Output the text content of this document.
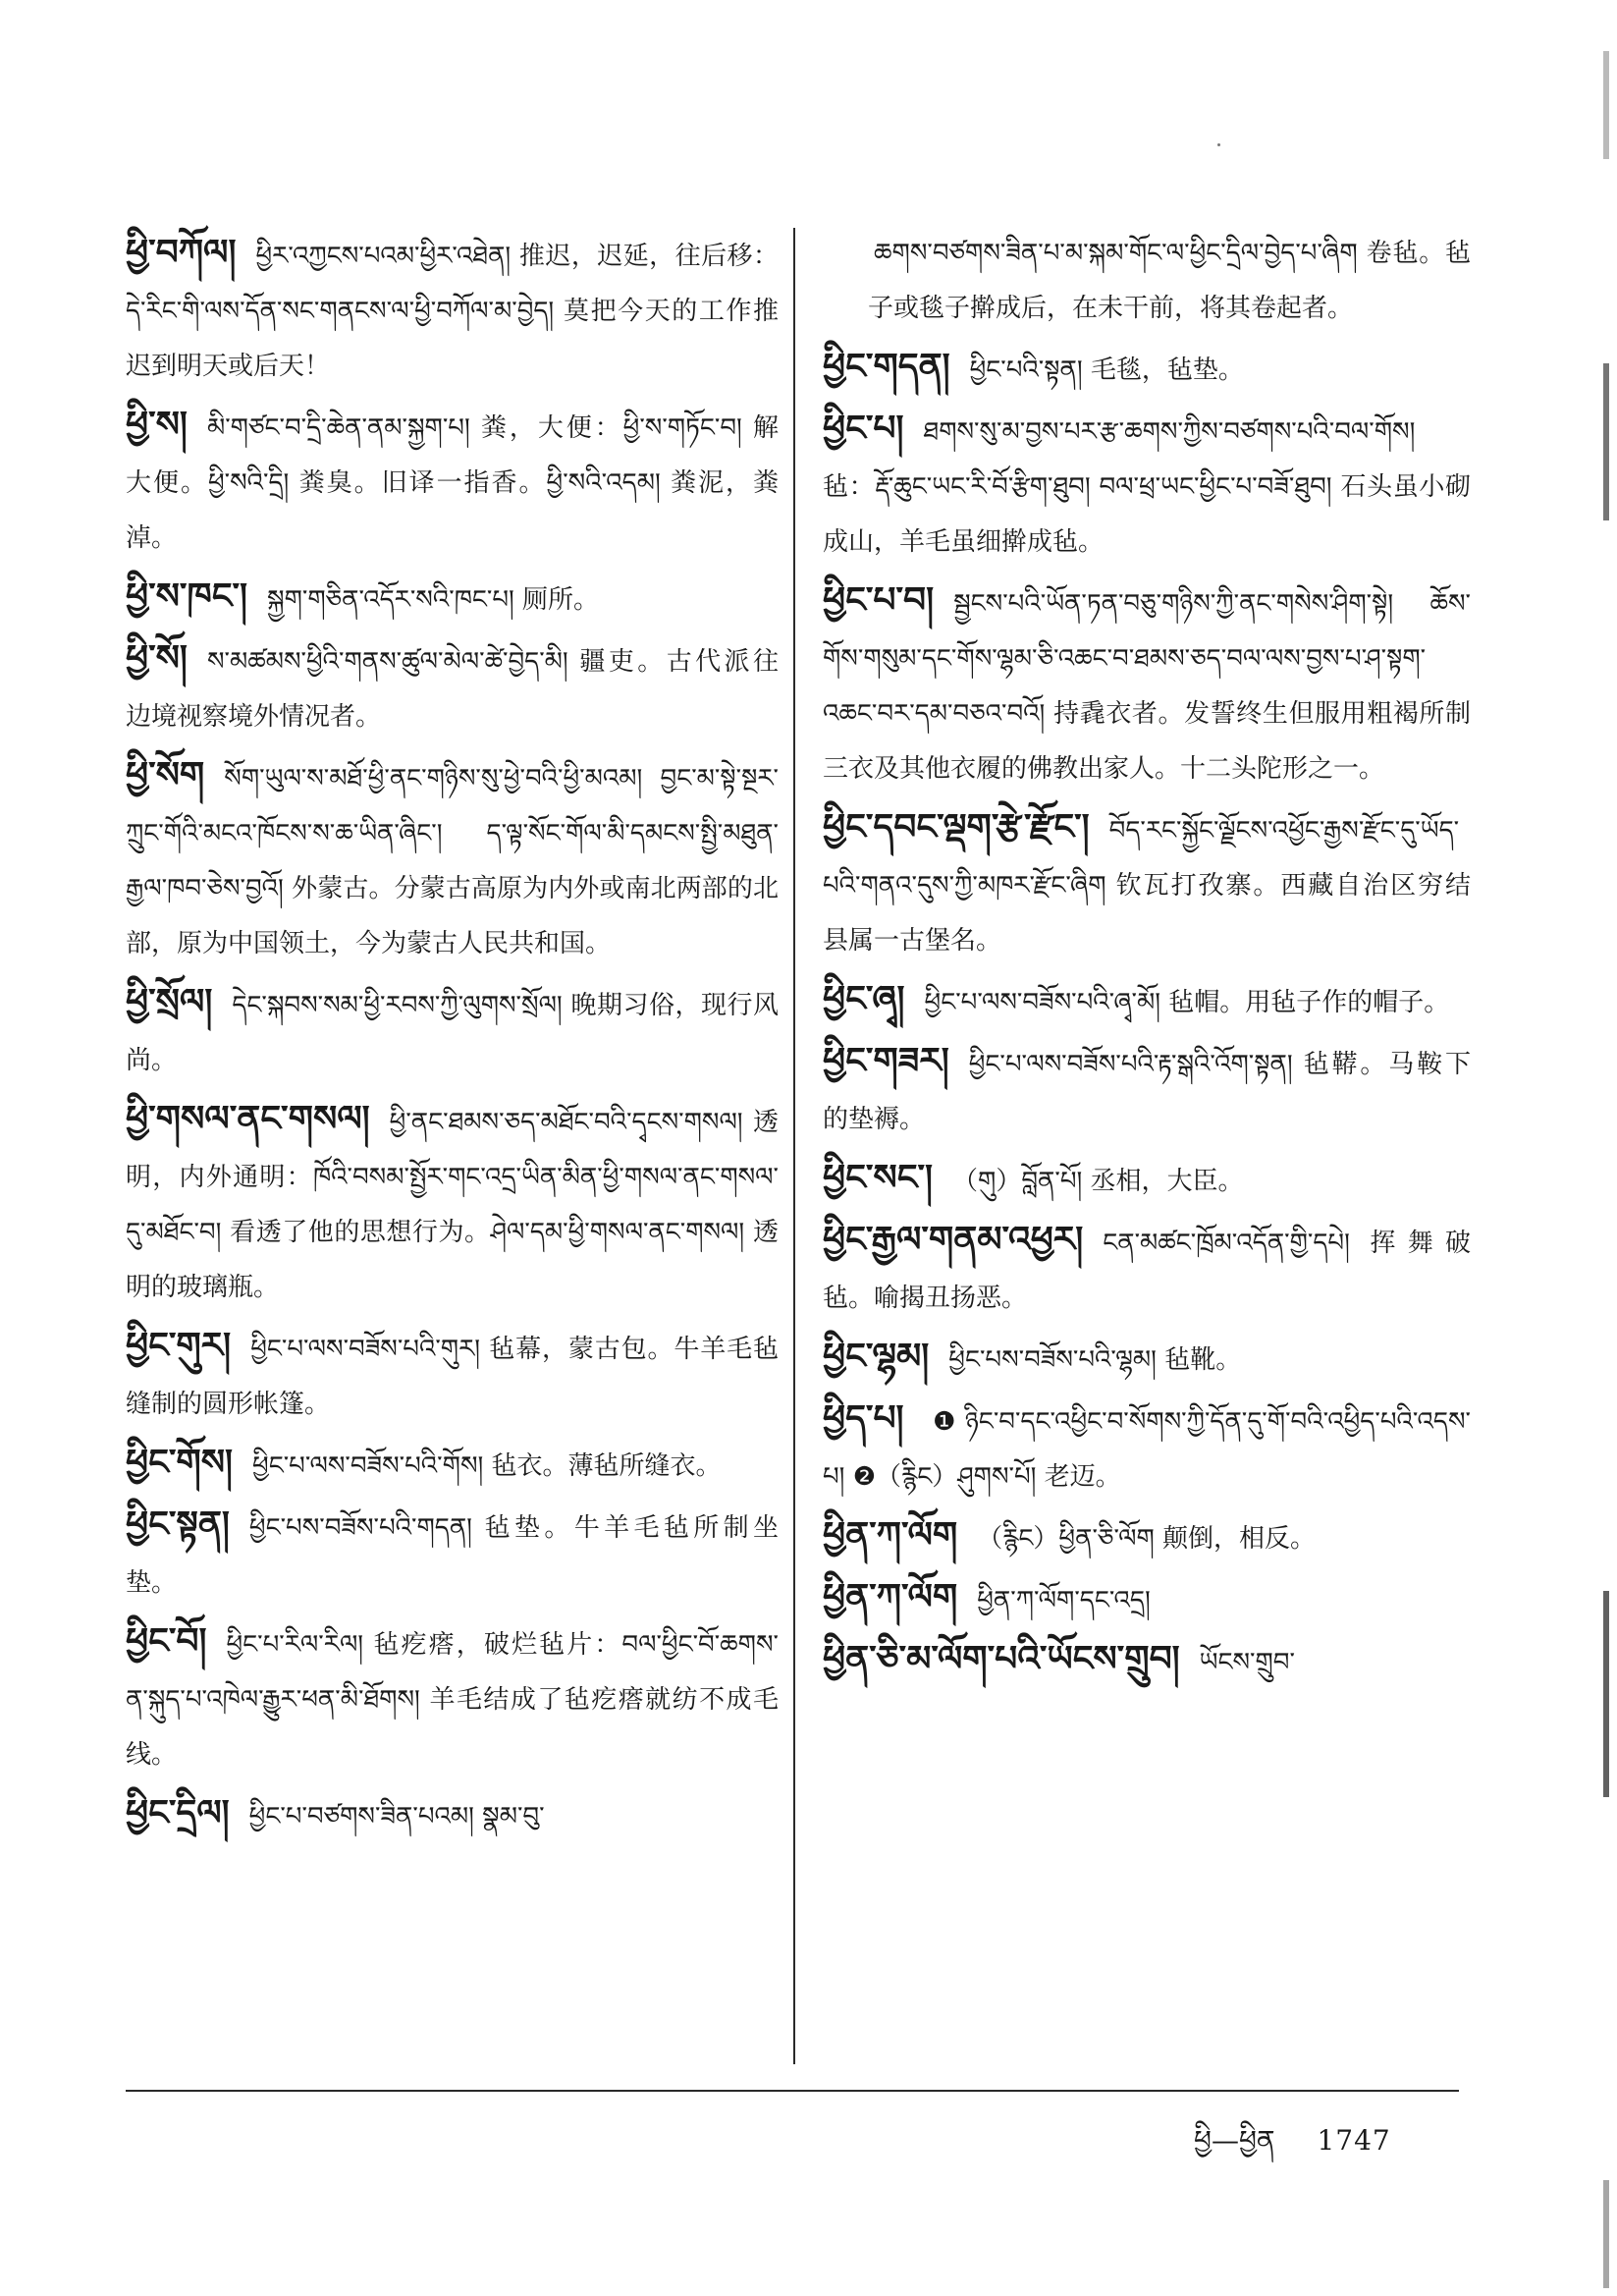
ཕྱི་བཀོལ། ཕྱིར་འཀྱངས་པའམ་ཕྱིར་འཐེན། 推迟，迟延，往后移：དེ་རིང་གི་ལས་དོན་སང་གནངས་ལ་ཕྱི་བཀོལ་མ་བྱེད། 莫把今天的工作推迟到明天或后天！

ཕྱི་ས། མི་གཙང་བ་དྲི་ཆེན་ནམ་སྐྱག་པ། 粪，大便：ཕྱི་ས་གཏོང་བ། 解大便。ཕྱི་སའི་དྲི། 粪臭。旧译一指香。ཕྱི་སའི་འདམ། 粪泥，粪淖。

ཕྱི་ས་ཁང་། སྐྱག་གཅིན་འདོར་སའི་ཁང་པ། 厕所。

ཕྱི་སོ། ས་མཚམས་ཕྱིའི་གནས་ཚུལ་མེལ་ཚེ་བྱེད་མི། 疆吏。古代派往边境视察境外情况者。

ཕྱི་སོག སོག་ཡུལ་ས་མཐོ་ཕྱི་ནང་གཉིས་སུ་ཕྱེ་བའི་ཕྱི་མའམ། བྱང་མ་སྟེ་སྔར་ཀྲུང་གོའི་མངའ་ཁོངས་ས་ཆ་ཡིན་ཞིང་། ད་ལྟ་སོང་གོལ་མི་དམངས་སྤྱི་མཐུན་རྒྱལ་ཁབ་ཅེས་བྱའོ། 外蒙古。分蒙古高原为内外或南北两部的北部，原为中国领土，今为蒙古人民共和国。

ཕྱི་སྲོལ། དེང་སྐབས་སམ་ཕྱི་རབས་ཀྱི་ལུགས་སྲོལ། 晚期习俗，现行风尚。

ཕྱི་གསལ་ནང་གསལ། ཕྱི་ནང་ཐམས་ཅད་མཐོང་བའི་དྭངས་གསལ། 透明，内外通明：ཁོའི་བསམ་སྤྱོར་གང་འདྲ་ཡིན་མིན་ཕྱི་གསལ་ནང་གསལ་དུ་མཐོང་བ། 看透了他的思想行为。ཤེལ་དམ་ཕྱི་གསལ་ནང་གསལ། 透明的玻璃瓶。

ཕྱིང་གུར། ཕྱིང་པ་ལས་བཟོས་པའི་གུར། 毡幕，蒙古包。牛羊毛毡缝制的圆形帐篷。

ཕྱིང་གོས། ཕྱིང་པ་ལས་བཟོས་པའི་གོས། 毡衣。薄毡所缝衣。

ཕྱིང་སྟན། ཕྱིང་པས་བཟོས་པའི་གདན། 毡垫。牛羊毛毡所制坐垫。

ཕྱིང་བོ། ཕྱིང་པ་རིལ་རིལ། 毡疙瘩，破烂毡片：བལ་ཕྱིང་བོ་ཆགས་ན་སྐུད་པ་འཁེལ་རྒྱུར་ཕན་མི་ཐོགས། 羊毛结成了毡疙瘩就纺不成毛线。

ཕྱིང་དྲིལ། ཕྱིང་པ་བཙགས་ཟིན་པའམ། སྣམ་བུ་

ཆགས་བཙགས་ཟིན་པ་མ་སྐམ་གོང་ལ་ཕྱིང་དྲིལ་བྱེད་པ་ཞིག 卷毡。毡子或毯子擀成后，在未干前，将其卷起者。

ཕྱིང་གདན། ཕྱིང་པའི་སྟན། 毛毯，毡垫。

ཕྱིང་པ། ཐགས་སུ་མ་བྱས་པར་རྩ་ཆགས་ཀྱིས་བཙགས་པའི་བལ་གོས། 毡：རྡོ་ཆུང་ཡང་རི་བོ་རྩིག་ཐུབ། བལ་ཕྲ་ཡང་ཕྱིང་པ་བཟོ་ཐུབ། 石头虽小砌成山，羊毛虽细擀成毡。

ཕྱིང་པ་བ། སྦྱངས་པའི་ཡོན་ཏན་བཅུ་གཉིས་ཀྱི་ནང་གསེས་ཤིག་སྟེ། ཆོས་གོས་གསུམ་དང་གོས་ལྷམ་ཅི་འཆང་བ་ཐམས་ཅད་བལ་ལས་བྱས་པ་ཤ་སྟག་འཆང་བར་དམ་བཅའ་བའོ། 持毳衣者。发誓终生但服用粗褐所制三衣及其他衣履的佛教出家人。十二头陀形之一。

ཕྱིང་དབང་ལྡག་རྩེ་རྫོང་། བོད་རང་སྐྱོང་ལྗོངས་འཕྱོང་རྒྱས་རྫོང་དུ་ཡོད་པའི་གནའ་དུས་ཀྱི་མཁར་རྫོང་ཞིག 钦瓦打孜寨。西藏自治区穷结县属一古堡名。

ཕྱིང་ཞྭ། ཕྱིང་པ་ལས་བཟོས་པའི་ཞྭ་མོ། 毡帽。用毡子作的帽子。

ཕྱིང་གཟར། ཕྱིང་པ་ལས་བཟོས་པའི་རྟ་སྒའི་འོག་སྟན། 毡鞯。马鞍下的垫褥。

ཕྱིང་སང་། （གུ）བློན་པོ། 丞相，大臣。

ཕྱིང་རྒྱལ་གནམ་འཕྱར། ངན་མཚང་ཁྲོམ་འདོན་གྱི་དཔེ། 挥舞破毡。喻揭丑扬恶。

ཕྱིང་ལྷམ། ཕྱིང་པས་བཟོས་པའི་ལྷམ། 毡靴。

ཕྱིད་པ། ❶ཉིང་བ་དང་འཕྱིང་བ་སོགས་ཀྱི་དོན་དུ་གོ་བའི་འཕྱིད་པའི་འདས་པ། ❷（རྙིང）ཤུགས་པོ། 老迈。

ཕྱིན་ཀ་ལོག （རྙིང）ཕྱིན་ཅི་ལོག 颠倒，相反。

ཕྱིན་ཀ་ལོག ཕྱིན་ཀ་ལོག་དང་འདྲ།

ཕྱིན་ཅི་མ་ལོག་པའི་ཡོངས་གྲུབ། ཡོངས་གྲུབ་

ཕྱི—ཕྱིན 1747
